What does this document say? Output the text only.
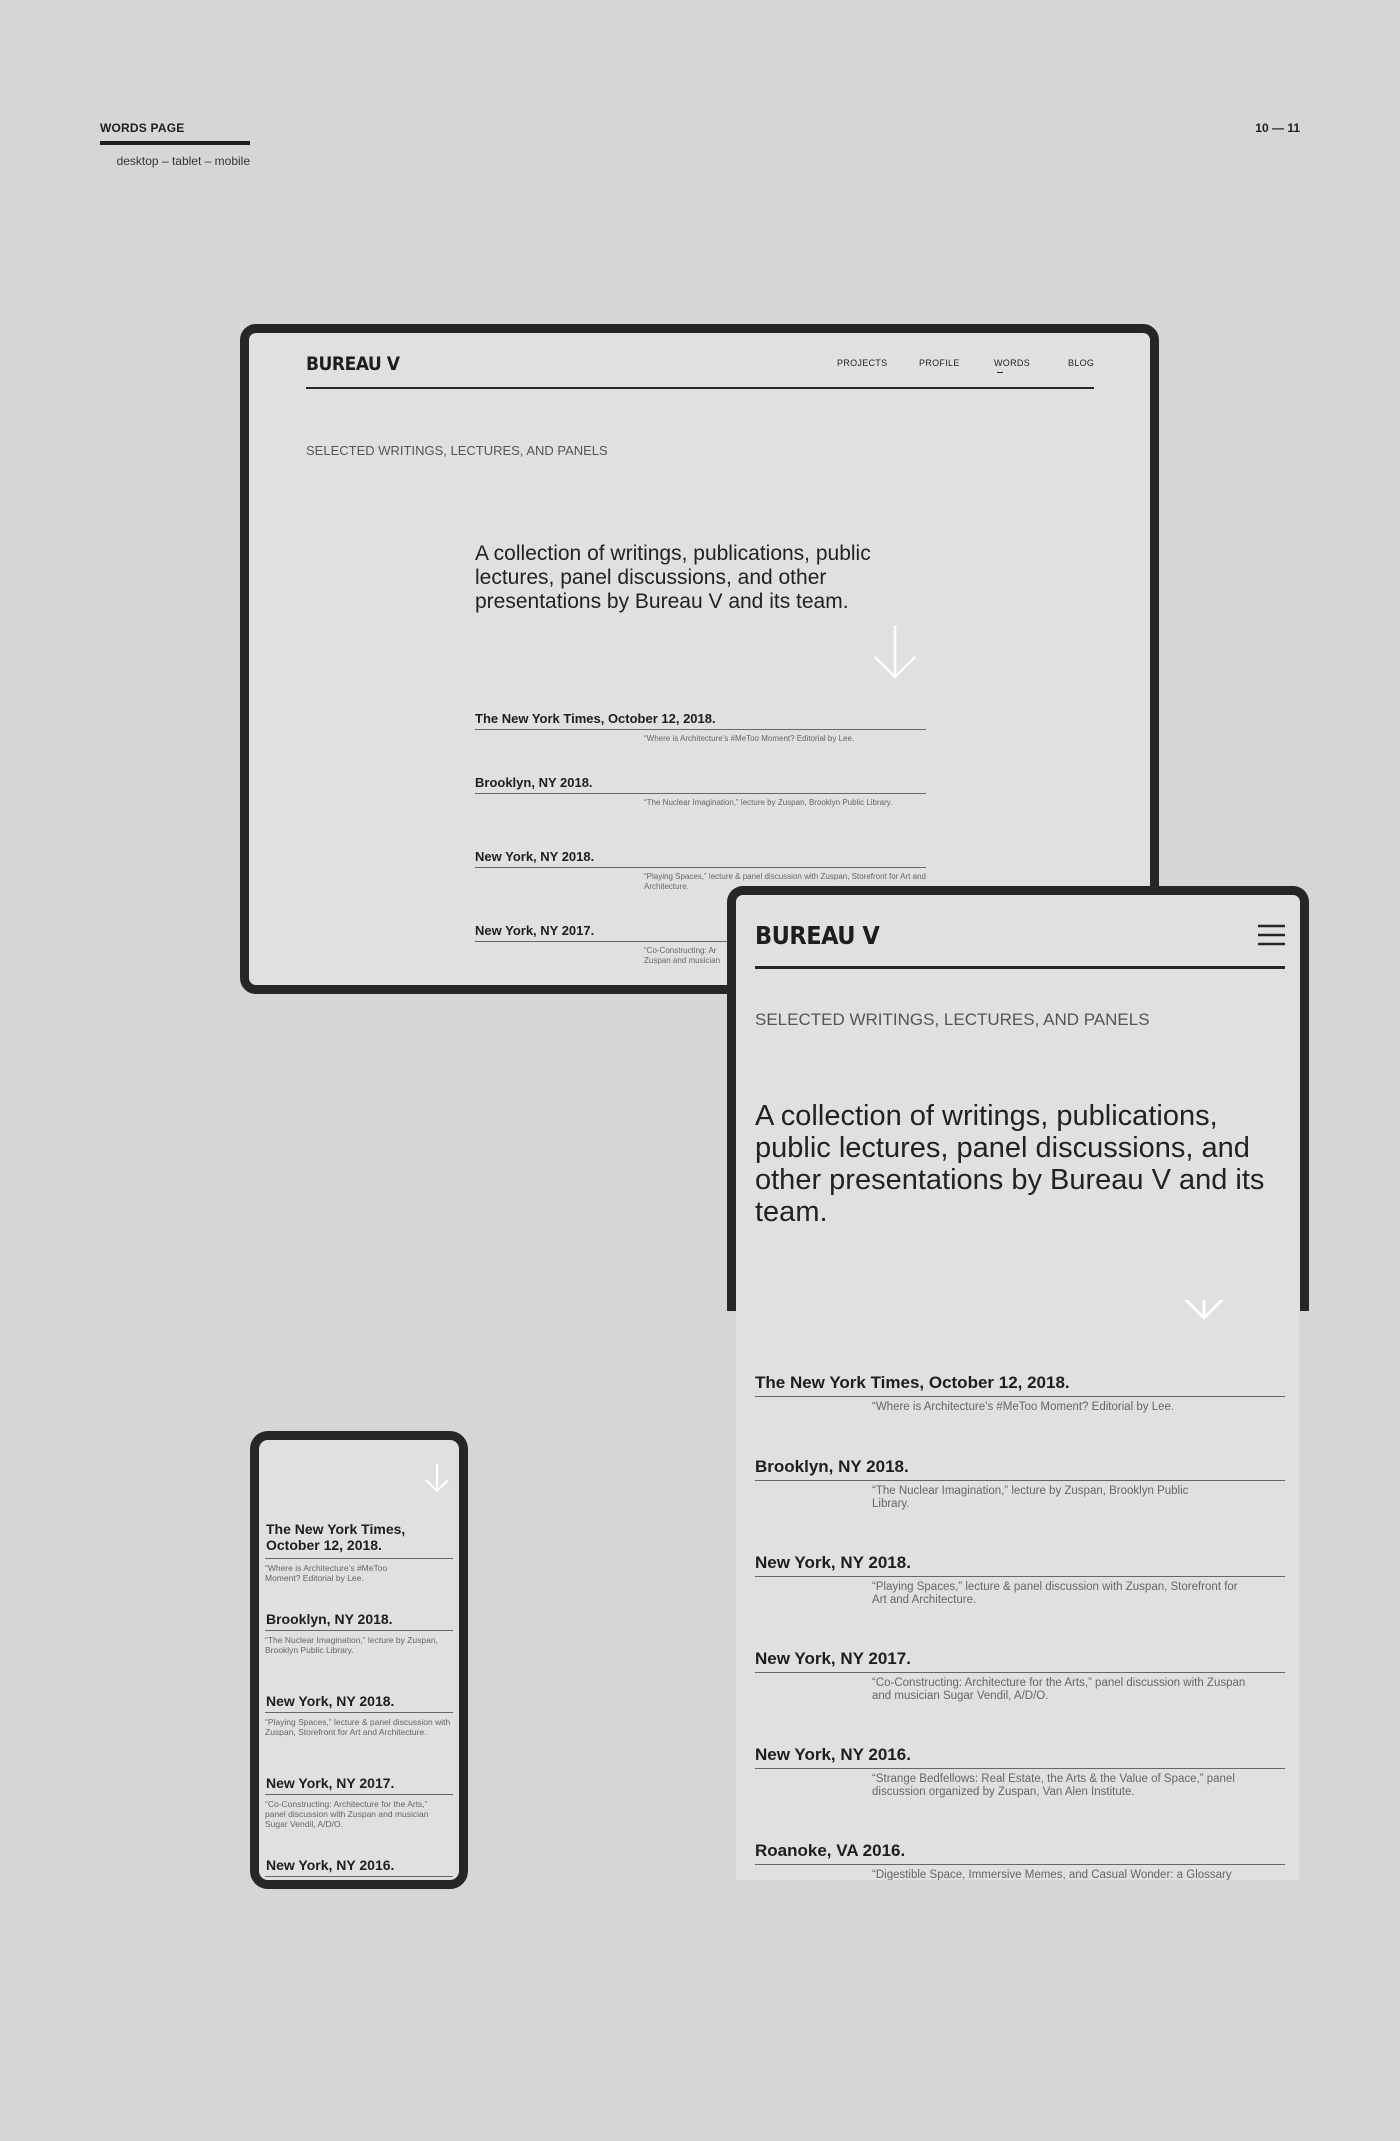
WORDS PAGE
desktop – tablet – mobile
10 — 11
BUREAU V	PROJECTS	PROFILE	WORDS	BLOG
SELECTED WRITINGS, LECTURES, AND PANELS
A collection of writings, publications, public lectures, panel discussions, and other presentations by Bureau V and its team.
The New York Times, October 12, 2018.
“Where is Architecture’s #MeToo Moment? Editorial by Lee.
Brooklyn, NY 2018.
“The Nuclear Imagination,” lecture by Zuspan, Brooklyn Public Library.
New York, NY 2018.
“Playing Spaces,” lecture & panel discussion with Zuspan, Storefront for Art and Architecture.
New York, NY 2017.
“Co-Constructing: Ar
Zuspan and musician
BUREAU V
SELECTED WRITINGS, LECTURES, AND PANELS
A collection of writings, publications, public lectures, panel discussions, and other presentations by Bureau V and its team.
The New York Times, October 12, 2018.
“Where is Architecture’s #MeToo Moment? Editorial by Lee.
Brooklyn, NY 2018.
“The Nuclear Imagination,” lecture by Zuspan, Brooklyn Public Library.
New York, NY 2018.
“Playing Spaces,” lecture & panel discussion with Zuspan, Storefront for Art and Architecture.
New York, NY 2017.
“Co-Constructing: Architecture for the Arts,” panel discussion with Zuspan and musician Sugar Vendil, A/D/O.
New York, NY 2016.
“Strange Bedfellows: Real Estate, the Arts & the Value of Space,” panel discussion organized by Zuspan, Van Alen Institute.
Roanoke, VA 2016.
“Digestible Space, Immersive Memes, and Casual Wonder: a Glossary
The New York Times,
October 12, 2018.
“Where is Architecture’s #MeToo Moment? Editorial by Lee.
Brooklyn, NY 2018.
“The Nuclear Imagination,” lecture by Zuspan, Brooklyn Public Library.
New York, NY 2018.
“Playing Spaces,” lecture & panel discussion with Zuspan, Storefront for Art and Architecture.
New York, NY 2017.
“Co-Constructing: Architecture for the Arts,” panel discussion with Zuspan and musician Sugar Vendil, A/D/O.
New York, NY 2016.
